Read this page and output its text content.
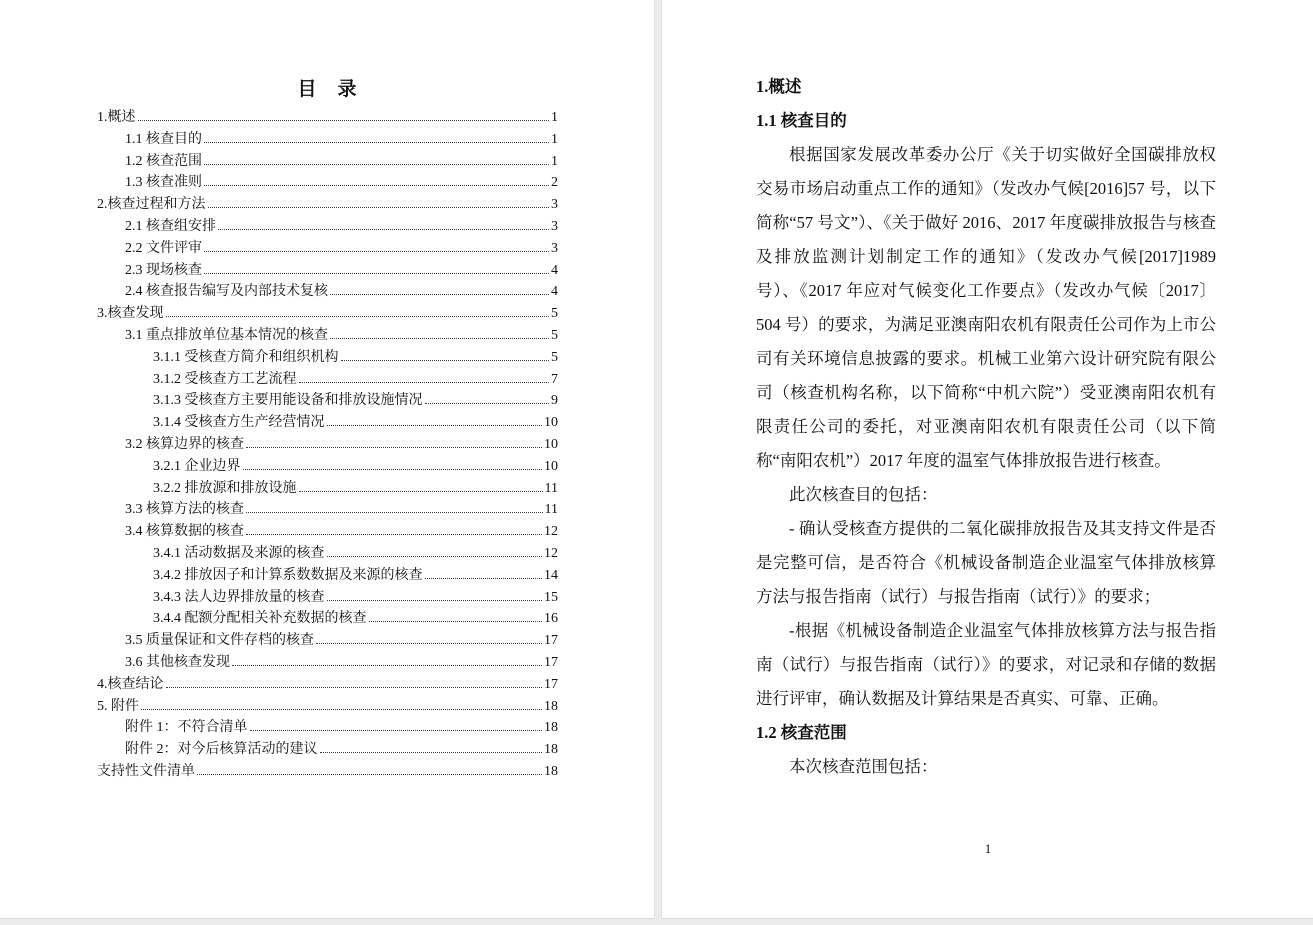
目　录
1.概述	1
1.1 核查目的	1
1.2 核查范围	1
1.3 核查准则	2
2.核查过程和方法	3
2.1 核查组安排	3
2.2 文件评审	3
2.3 现场核查	4
2.4 核查报告编写及内部技术复核	4
3.核查发现	5
3.1 重点排放单位基本情况的核查	5
3.1.1 受核查方简介和组织机构	5
3.1.2 受核查方工艺流程	7
3.1.3 受核查方主要用能设备和排放设施情况	9
3.1.4 受核查方生产经营情况	10
3.2 核算边界的核查	10
3.2.1 企业边界	10
3.2.2 排放源和排放设施	11
3.3 核算方法的核查	11
3.4 核算数据的核查	12
3.4.1 活动数据及来源的核查	12
3.4.2 排放因子和计算系数数据及来源的核查	14
3.4.3 法人边界排放量的核查	15
3.4.4 配额分配相关补充数据的核查	16
3.5 质量保证和文件存档的核查	17
3.6 其他核查发现	17
4.核查结论	17
5. 附件	18
附件 1：不符合清单	18
附件 2：对今后核算活动的建议	18
支持性文件清单	18
1.概述
1.1 核查目的
根据国家发展改革委办公厅《关于切实做好全国碳排放权交易市场启动重点工作的通知》（发改办气候[2016]57 号，以下简称“57 号文”）、《关于做好 2016、2017 年度碳排放报告与核查及排放监测计划制定工作的通知》（发改办气候[2017]1989 号）、《2017 年应对气候变化工作要点》（发改办气候〔2017〕504 号）的要求，为满足亚澳南阳农机有限责任公司作为上市公司有关环境信息披露的要求。机械工业第六设计研究院有限公司（核查机构名称，以下简称“中机六院”）受亚澳南阳农机有限责任公司的委托，对亚澳南阳农机有限责任公司（以下简称“南阳农机”）2017 年度的温室气体排放报告进行核查。
此次核查目的包括：
- 确认受核查方提供的二氧化碳排放报告及其支持文件是否是完整可信，是否符合《机械设备制造企业温室气体排放核算方法与报告指南（试行）与报告指南（试行）》的要求；
-根据《机械设备制造企业温室气体排放核算方法与报告指南（试行）与报告指南（试行）》的要求，对记录和存储的数据进行评审，确认数据及计算结果是否真实、可靠、正确。
1.2 核查范围
本次核查范围包括：
1
